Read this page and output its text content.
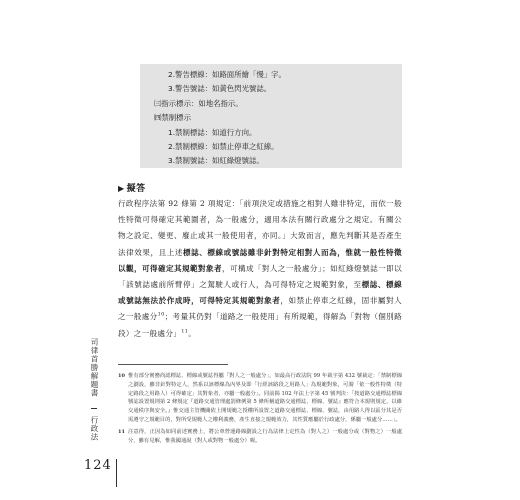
2.警告標線：如路面所繪「慢」字。
3.警告號誌：如黃色閃光號誌。
㈢指示標示：如地名指示。
㈣禁制標示
1.禁制標誌：如道行方向。
2.禁制標線：如禁止停車之紅線。
3.禁制號誌：如紅綠燈號誌。
▶ 擬答
行政程序法第 92 條第 2 項規定：「前項決定或措施之相對人雖非特定，而依一般性特徵可得確定其範圍者，為一般處分，適用本法有關行政處分之規定。有關公物之設定、變更、廢止或其一般使用者，亦同。」大致而言，應先判斷其是否產生法律效果，且上述標誌、標線或號誌雖非針對特定相對人而為，惟就一般性特徵以觀，可得確定其規範對象者，可構成「對人之一般處分」；如紅綠燈號誌一即以「該號誌處前所臂停」之駕駛人或行人，為可得特定之規範對象，至標誌、標線或號誌無法於作成時，可得特定其規範對象者，如禁止停車之紅線，固非屬對人之一般處分$^{10}$；考量其仍對「道路之一般使用」有所規範，得解為「對物（個別路段）之一般處分」$^{11}$。
10 惟有部分實務尚認標誌、標線或號誌得屬「對人之一般處分」，如最高行政法院 99 年裁字第 432 號裁定：「禁制標線之劃設，雖非針對特定人，然系以該標線為內界及即「行經該路段之用路人」為規範對象，可謂「依一般性特徵（特定路段之用路人）可得確定」其對象者，亦屬一般處分」。同前揭 102 年法上字第 45 號判決：「按道路交通標誌標線號誌設置規則第 2 條規定『道路交通管理處罰條例第 5 條所稱道路交通標誌、標線、號誌』應符合本規則規定，以維交通秩序與安全。』惟交通主管機關依上開規範之授權所設置之道路交通標誌、標線、號誌，由用路人得以區分其是否需遵守之規範目的，對所受規範人之權利義務，產生直接之規範效力，其性質應屬於行政處分，係屬一般處分……」。
11 注意得，正因為如同前述實務上，將公車營運路線劃設之行為法律上定性為（對人之）一般處分或（對物之）一般處分，雖有見解，惟我國通說（對人或對物一般處分）喔。
司律首勝解題書
行政法
124
